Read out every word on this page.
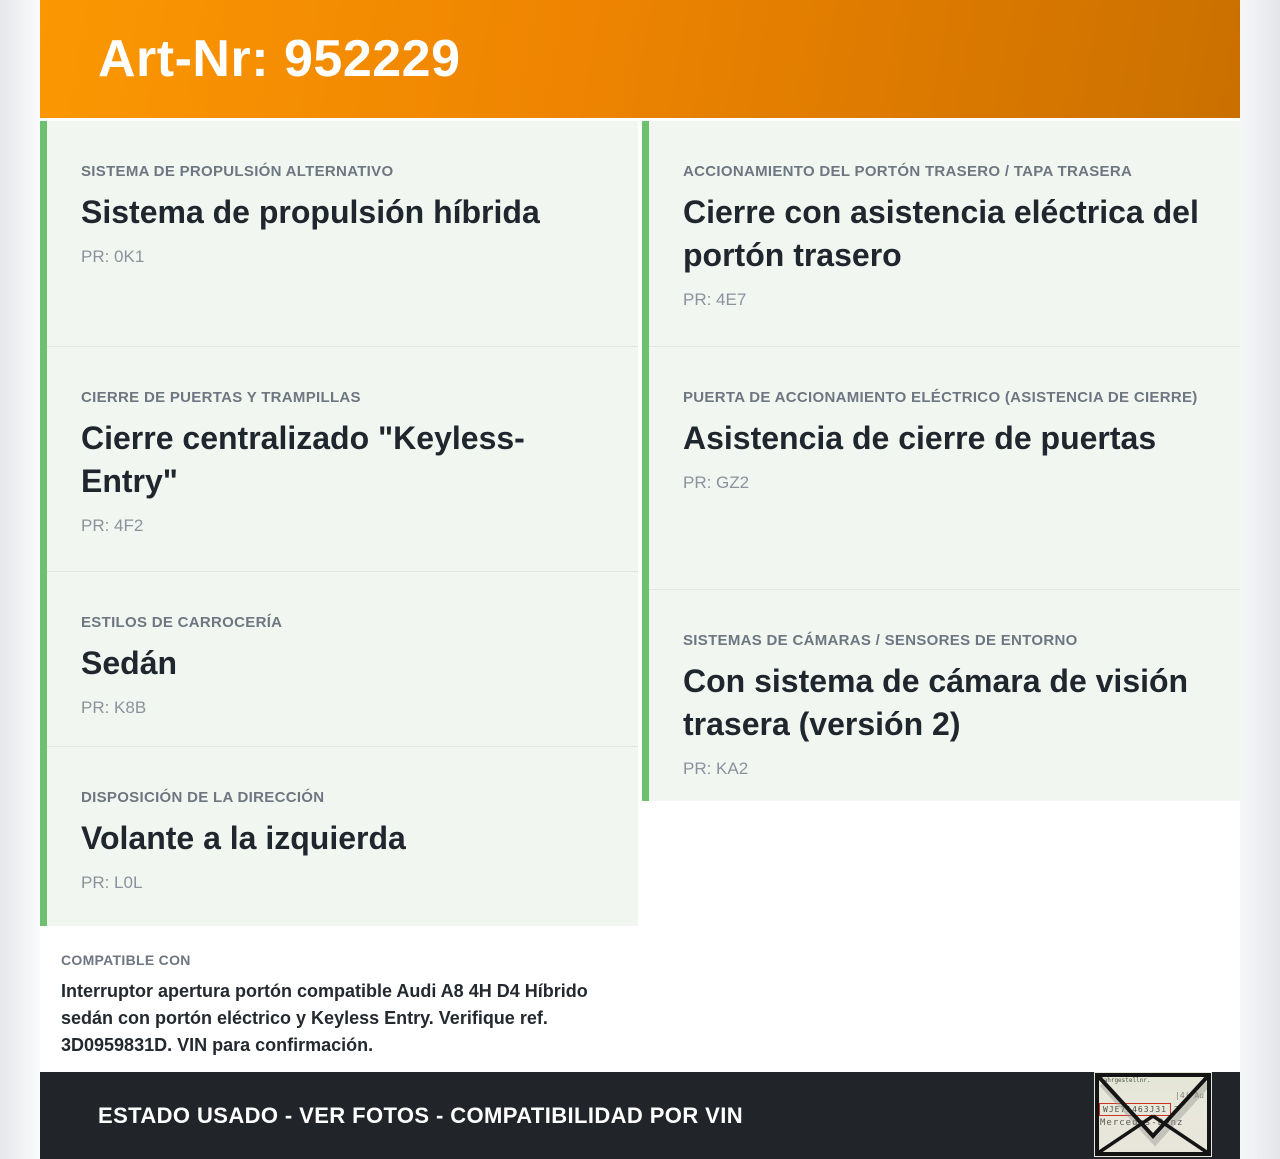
Art-Nr: 952229
SISTEMA DE PROPULSIÓN ALTERNATIVO
Sistema de propulsión híbrida
PR: 0K1
CIERRE DE PUERTAS Y TRAMPILLAS
Cierre centralizado "Keyless-Entry"
PR: 4F2
ESTILOS DE CARROCERÍA
Sedán
PR: K8B
DISPOSICIÓN DE LA DIRECCIÓN
Volante a la izquierda
PR: L0L
COMPATIBLE CON
Interruptor apertura portón compatible Audi A8 4H D4 Híbrido sedán con portón eléctrico y Keyless Entry. Verifique ref. 3D0959831D. VIN para confirmación.
ACCIONAMIENTO DEL PORTÓN TRASERO / TAPA TRASERA
Cierre con asistencia eléctrica del portón trasero
PR: 4E7
PUERTA DE ACCIONAMIENTO ELÉCTRICO (ASISTENCIA DE CIERRE)
Asistencia de cierre de puertas
PR: GZ2
SISTEMAS DE CÁMARAS / SENSORES DE ENTORNO
Con sistema de cámara de visión trasera (versión 2)
PR: KA2
ESTADO USADO - VER FOTOS - COMPATIBILIDAD POR VIN
Fahrgestellnr.
|4| Au
WJE71463J31 7
Mercedes-Benz
